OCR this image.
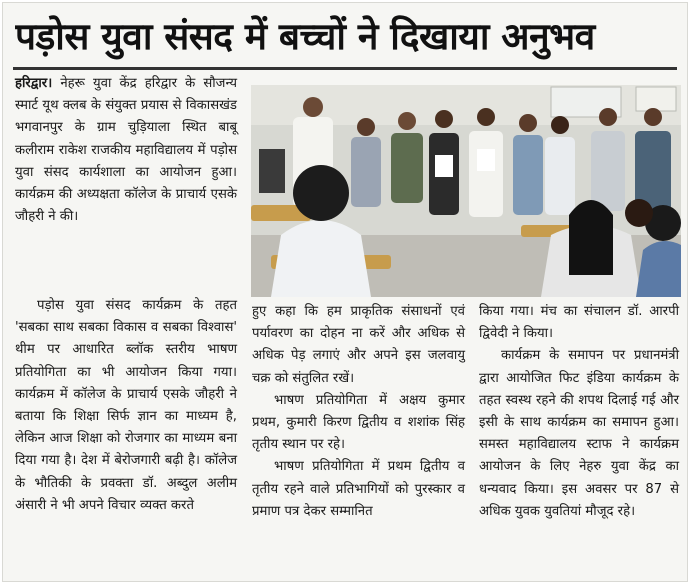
पड़ोस युवा संसद में बच्चों ने दिखाया अनुभव

हरिद्वार। नेहरू युवा केंद्र हरिद्वार के सौजन्य स्मार्ट यूथ क्लब के संयुक्त प्रयास से विकासखंड भगवानपुर के ग्राम चुड़ियाला स्थित बाबू कलीराम राकेश राजकीय महाविद्यालय में पड़ोस युवा संसद कार्यशाला का आयोजन हुआ। कार्यक्रम की अध्यक्षता कॉलेज के प्राचार्य एसके जौहरी ने की।

पड़ोस युवा संसद कार्यक्रम के तहत 'सबका साथ सबका विकास व सबका विश्वास' थीम पर आधारित ब्लॉक स्तरीय भाषण प्रतियोगिता का भी आयोजन किया गया। कार्यक्रम में कॉलेज के प्राचार्य एसके जौहरी ने बताया कि शिक्षा सिर्फ ज्ञान का माध्यम है, लेकिन आज शिक्षा को रोजगार का माध्यम बना दिया गया है। देश में बेरोजगारी बढ़ी है। कॉलेज के भौतिकी के प्रवक्ता डॉ. अब्दुल अलीम अंसारी ने भी अपने विचार व्यक्त करते

हुए कहा कि हम प्राकृतिक संसाधनों एवं पर्यावरण का दोहन ना करें और अधिक से अधिक पेड़ लगाएं और अपने इस जलवायु चक्र को संतुलित रखें।

भाषण प्रतियोगिता में अक्षय कुमार प्रथम, कुमारी किरण द्वितीय व शशांक सिंह तृतीय स्थान पर रहे।

भाषण प्रतियोगिता में प्रथम द्वितीय व तृतीय रहने वाले प्रतिभागियों को पुरस्कार व प्रमाण पत्र देकर सम्मानित

किया गया। मंच का संचालन डॉ. आरपी द्विवेदी ने किया।

कार्यक्रम के समापन पर प्रधानमंत्री द्वारा आयोजित फिट इंडिया कार्यक्रम के तहत स्वस्थ रहने की शपथ दिलाई गई और इसी के साथ कार्यक्रम का समापन हुआ। समस्त महाविद्यालय स्टाफ ने कार्यक्रम आयोजन के लिए नेहरु युवा केंद्र का धन्यवाद किया। इस अवसर पर 87 से अधिक युवक युवतियां मौजूद रहे।
